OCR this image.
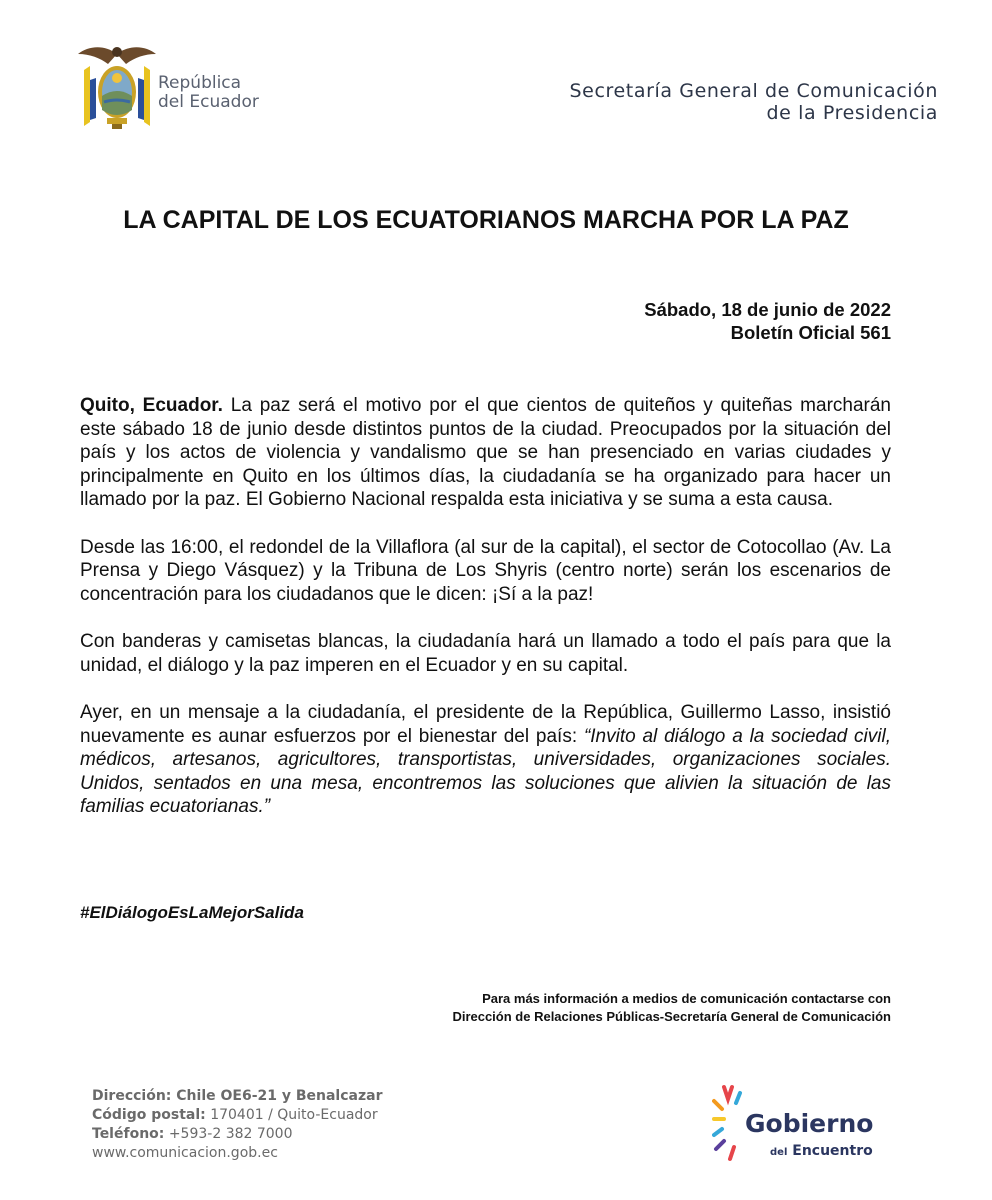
República
del Ecuador	Secretaría General de Comunicación
de la Presidencia
LA CAPITAL DE LOS ECUATORIANOS MARCHA POR LA PAZ
Sábado, 18 de junio de 2022
Boletín Oficial 561

Quito, Ecuador. La paz será el motivo por el que cientos de quiteños y quiteñas marcharán este sábado 18 de junio desde distintos puntos de la ciudad. Preocupados por la situación del país y los actos de violencia y vandalismo que se han presenciado en varias ciudades y principalmente en Quito en los últimos días, la ciudadanía se ha organizado para hacer un llamado por la paz. El Gobierno Nacional respalda esta iniciativa y se suma a esta causa.

Desde las 16:00, el redondel de la Villaflora (al sur de la capital), el sector de Cotocollao (Av. La Prensa y Diego Vásquez) y la Tribuna de Los Shyris (centro norte) serán los escenarios de concentración para los ciudadanos que le dicen: ¡Sí a la paz!

Con banderas y camisetas blancas, la ciudadanía hará un llamado a todo el país para que la unidad, el diálogo y la paz imperen en el Ecuador y en su capital.

Ayer, en un mensaje a la ciudadanía, el presidente de la República, Guillermo Lasso, insistió nuevamente es aunar esfuerzos por el bienestar del país: “Invito al diálogo a la sociedad civil, médicos, artesanos, agricultores, transportistas, universidades, organizaciones sociales. Unidos, sentados en una mesa, encontremos las soluciones que alivien la situación de las familias ecuatorianas.”

#ElDiálogoEsLaMejorSalida
Para más información a medios de comunicación contactarse con
Dirección de Relaciones Públicas-Secretaría General de Comunicación
Dirección: Chile OE6-21 y Benalcazar
Código postal: 170401 / Quito-Ecuador
Teléfono: +593-2 382 7000
www.comunicacion.gob.ec
Gobierno
del Encuentro
